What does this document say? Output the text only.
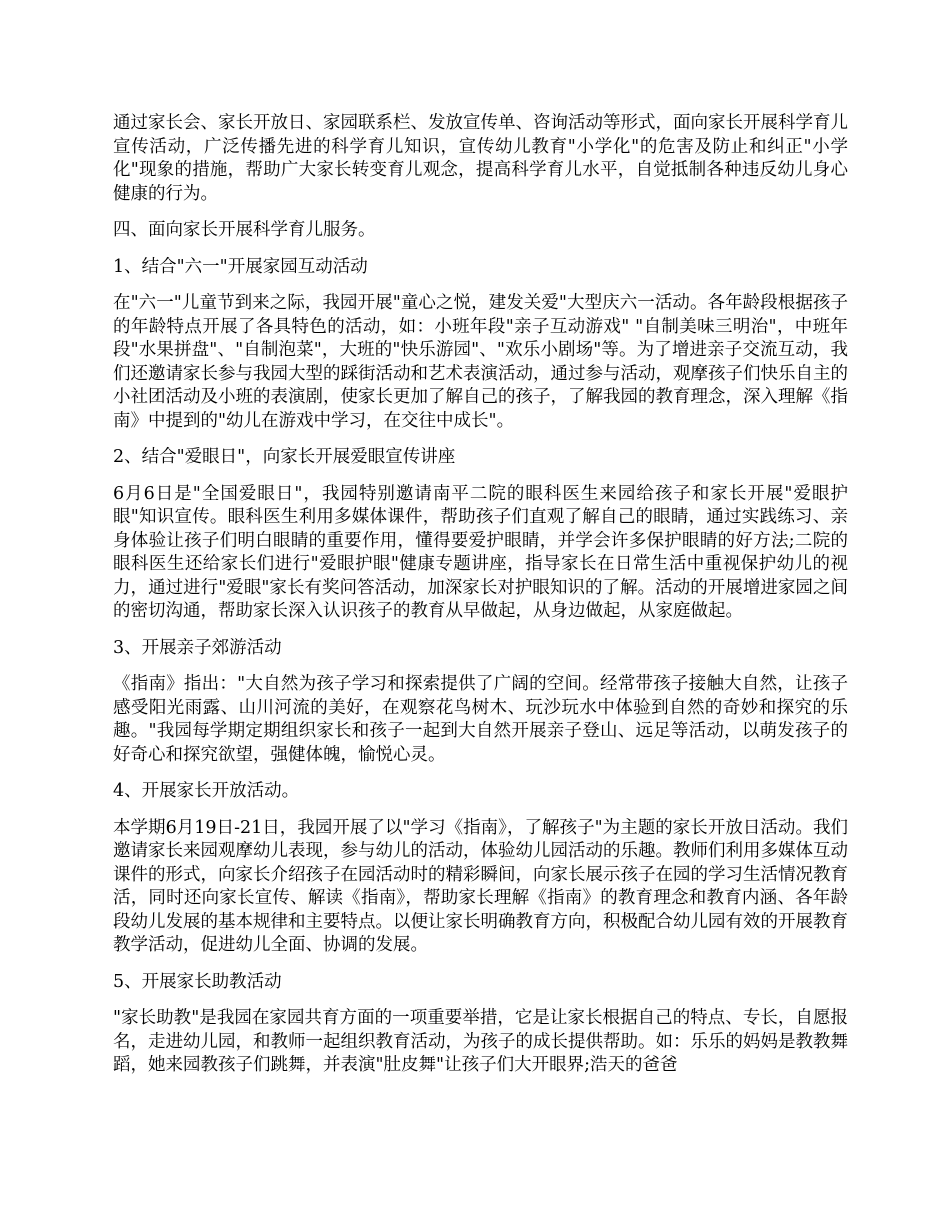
通过家长会、家长开放日、家园联系栏、发放宣传单、咨询活动等形式，面向家长开展科学育儿宣传活动，广泛传播先进的科学育儿知识，宣传幼儿教育"小学化"的危害及防止和纠正"小学化"现象的措施，帮助广大家长转变育儿观念，提高科学育儿水平，自觉抵制各种违反幼儿身心健康的行为。

四、面向家长开展科学育儿服务。

1、结合"六一"开展家园互动活动

在"六一"儿童节到来之际，我园开展"童心之悦，建发关爱"大型庆六一活动。各年龄段根据孩子的年龄特点开展了各具特色的活动，如：小班年段"亲子互动游戏" "自制美味三明治"，中班年段"水果拼盘"、"自制泡菜"，大班的"快乐游园"、"欢乐小剧场"等。为了增进亲子交流互动，我们还邀请家长参与我园大型的踩街活动和艺术表演活动，通过参与活动，观摩孩子们快乐自主的小社团活动及小班的表演剧，使家长更加了解自己的孩子，了解我园的教育理念，深入理解《指南》中提到的"幼儿在游戏中学习，在交往中成长"。

2、结合"爱眼日"，向家长开展爱眼宣传讲座

6月6日是"全国爱眼日"，我园特别邀请南平二院的眼科医生来园给孩子和家长开展"爱眼护眼"知识宣传。眼科医生利用多媒体课件，帮助孩子们直观了解自己的眼睛，通过实践练习、亲身体验让孩子们明白眼睛的重要作用，懂得要爱护眼睛，并学会许多保护眼睛的好方法;二院的眼科医生还给家长们进行"爱眼护眼"健康专题讲座，指导家长在日常生活中重视保护幼儿的视力，通过进行"爱眼"家长有奖问答活动，加深家长对护眼知识的了解。活动的开展增进家园之间的密切沟通，帮助家长深入认识孩子的教育从早做起，从身边做起，从家庭做起。

3、开展亲子郊游活动

《指南》指出："大自然为孩子学习和探索提供了广阔的空间。经常带孩子接触大自然，让孩子感受阳光雨露、山川河流的美好，在观察花鸟树木、玩沙玩水中体验到自然的奇妙和探究的乐趣。"我园每学期定期组织家长和孩子一起到大自然开展亲子登山、远足等活动，以萌发孩子的好奇心和探究欲望，强健体魄，愉悦心灵。

4、开展家长开放活动。

本学期6月19日-21日，我园开展了以"学习《指南》，了解孩子"为主题的家长开放日活动。我们邀请家长来园观摩幼儿表现，参与幼儿的活动，体验幼儿园活动的乐趣。教师们利用多媒体互动课件的形式，向家长介绍孩子在园活动时的精彩瞬间，向家长展示孩子在园的学习生活情况教育活，同时还向家长宣传、解读《指南》，帮助家长理解《指南》的教育理念和教育内涵、各年龄段幼儿发展的基本规律和主要特点。以便让家长明确教育方向，积极配合幼儿园有效的开展教育教学活动，促进幼儿全面、协调的发展。

5、开展家长助教活动

"家长助教"是我园在家园共育方面的一项重要举措，它是让家长根据自己的特点、专长，自愿报名，走进幼儿园，和教师一起组织教育活动，为孩子的成长提供帮助。如：乐乐的妈妈是教教舞蹈，她来园教孩子们跳舞，并表演"肚皮舞"让孩子们大开眼界;浩天的爸爸
